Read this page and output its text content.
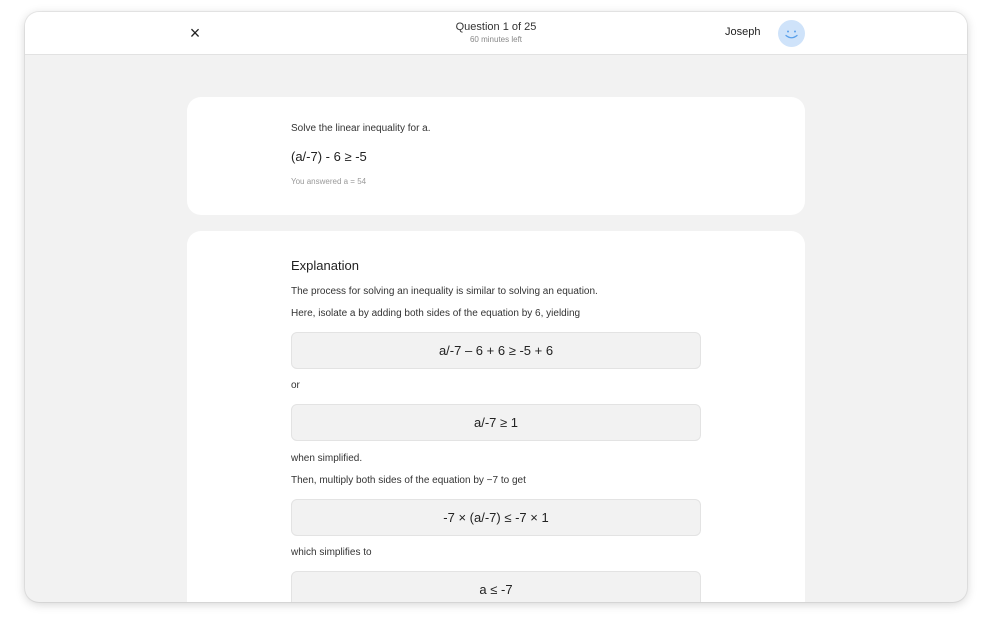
×	Question 1 of 25
60 minutes left
Joseph
Solve the linear inequality for a.
(a/-7) - 6 ≥ -5
You answered a = 54
Explanation
The process for solving an inequality is similar to solving an equation.
Here, isolate a by adding both sides of the equation by 6, yielding
a/-7 – 6 + 6 ≥ -5 + 6
or
a/-7 ≥ 1
when simplified.
Then, multiply both sides of the equation by −7 to get
-7 × (a/-7) ≤ -7 × 1
which simplifies to
a ≤ -7
